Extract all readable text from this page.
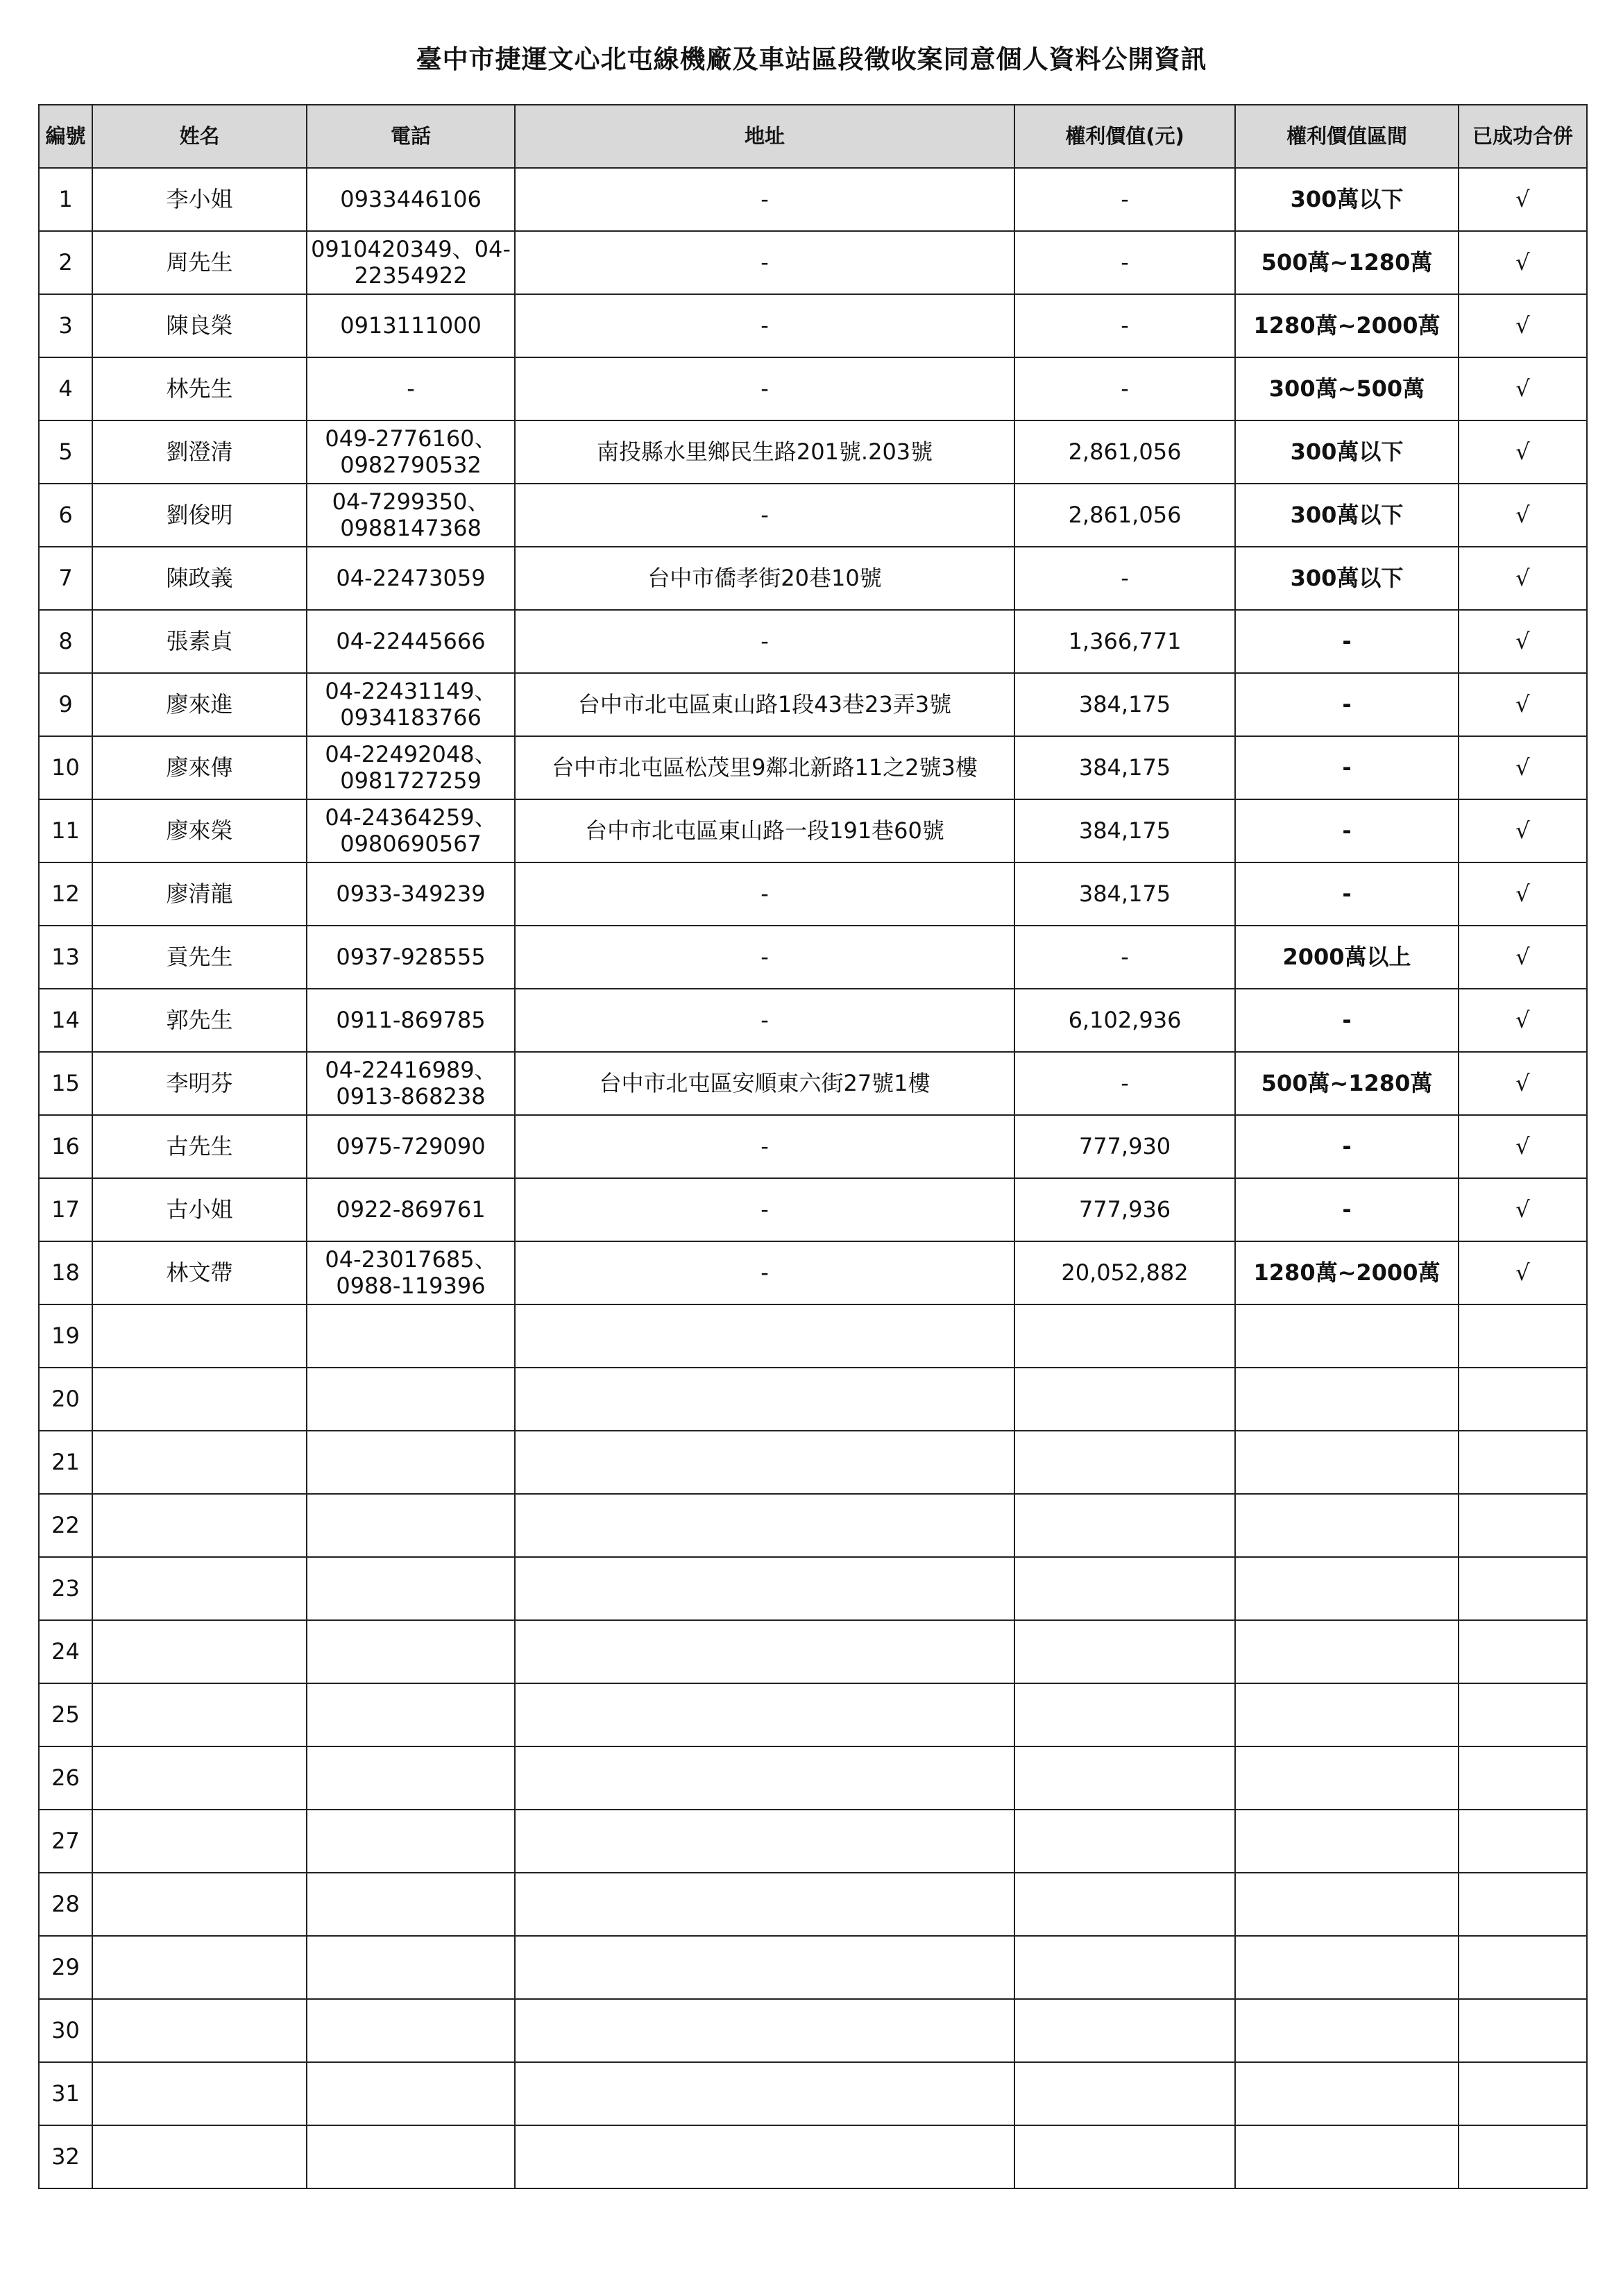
臺中市捷運文心北屯線機廠及車站區段徵收案同意個人資料公開資訊
編號	姓名	電話	地址	權利價值(元)	權利價值區間	已成功合併
1	李小姐	0933446106	-	-	300萬以下	√
2	周先生	0910420349、04-22354922	-	-	500萬~1280萬	√
3	陳良榮	0913111000	-	-	1280萬~2000萬	√
4	林先生	-	-	-	300萬~500萬	√
5	劉澄清	049-2776160、0982790532	南投縣水里鄉民生路201號.203號	2,861,056	300萬以下	√
6	劉俊明	04-7299350、0988147368	-	2,861,056	300萬以下	√
7	陳政義	04-22473059	台中市僑孝街20巷10號	-	300萬以下	√
8	張素貞	04-22445666	-	1,366,771	-	√
9	廖來進	04-22431149、0934183766	台中市北屯區東山路1段43巷23弄3號	384,175	-	√
10	廖來傳	04-22492048、0981727259	台中市北屯區松茂里9鄰北新路11之2號3樓	384,175	-	√
11	廖來榮	04-24364259、0980690567	台中市北屯區東山路一段191巷60號	384,175	-	√
12	廖清龍	0933-349239	-	384,175	-	√
13	貢先生	0937-928555	-	-	2000萬以上	√
14	郭先生	0911-869785	-	6,102,936	-	√
15	李明芬	04-22416989、0913-868238	台中市北屯區安順東六街27號1樓	-	500萬~1280萬	√
16	古先生	0975-729090	-	777,930	-	√
17	古小姐	0922-869761	-	777,936	-	√
18	林文帶	04-23017685、0988-119396	-	20,052,882	1280萬~2000萬	√
19						
20						
21						
22						
23						
24						
25						
26						
27						
28						
29						
30						
31						
32						
